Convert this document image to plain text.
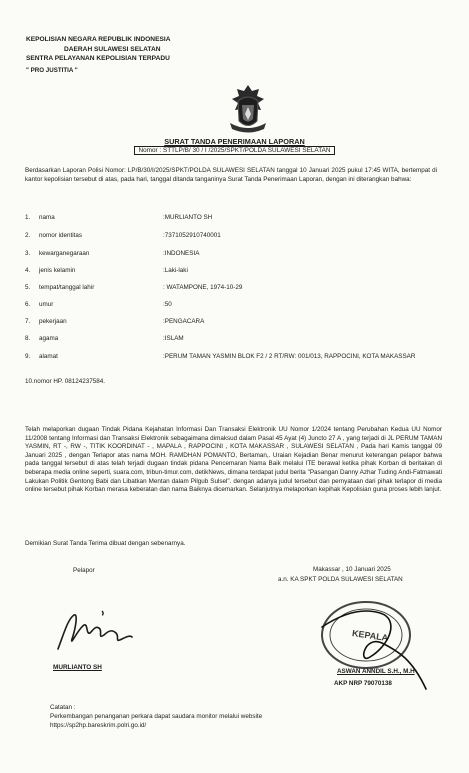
KEPOLISIAN NEGARA REPUBLIK INDONESIA
DAERAH SULAWESI SELATAN
SENTRA PELAYANAN KEPOLISIAN TERPADU
" PRO JUSTITIA "
SURAT TANDA PENERIMAAN LAPORAN
Nomor : STTLP/B/ 30 / I /2025/SPKT/POLDA SULAWESI SELATAN
Berdasarkan Laporan Polisi Nomor: LP/B/30/I/2025/SPKT/POLDA SULAWESI SELATAN tanggal 10 Januari 2025 pukul 17:45 WITA, bertempat di kantor kepolisian tersebut di atas, pada hari, tanggal ditanda tanganinya Surat Tanda Penerimaan Laporan, dengan ini diterangkan bahwa:
1.	nama	:MURLIANTO SH
2.	nomor identitas	:7371052910740001
3.	kewarganegaraan	:INDONESIA
4.	jenis kelamin	:Laki-laki
5.	tempat/tanggal lahir	: WATAMPONE, 1974-10-29
6.	umur	:50
7.	pekerjaan	:PENGACARA
8.	agama	:ISLAM
9.	alamat	:PERUM TAMAN YASMIN BLOK F2 / 2 RT/RW: 001/013, RAPPOCINI, KOTA MAKASSAR
10.nomor HP. 08124237584.
Telah melaporkan dugaan Tindak Pidana Kejahatan Informasi Dan Transaksi Elektronik UU Nomor 1/2024 tentang Perubahan Kedua UU Nomor 11/2008 tentang Informasi dan Transaksi Elektronik sebagaimana dimaksud dalam Pasal 45 Ayat (4) Juncto 27 A , yang terjadi di JL PERUM TAMAN YASMIN, RT -, RW -, TITIK KOORDINAT - , MAPALA , RAPPOCINI , KOTA MAKASSAR , SULAWESI SELATAN , Pada hari Kamis tanggal 09 Januari 2025 , dengan Terlapor atas nama MOH. RAMDHAN POMANTO, Bertaman,. Uraian Kejadian Benar menurut keterangan pelapor bahwa pada tanggal tersebut di atas telah terjadi dugaan tindak pidana Pencemaran Nama Baik melalui ITE berawal ketika pihak Korban di beritakan di beberapa media online seperti, suara.com, tribun-timur.com, detikNews, dimana terdapat judul berita "Pasangan Danny Azhar Tuding Andi-Fatmawati Lakukan Politik Gentong Babi dan Libatkan Mentan dalam Pilgub Sulsel". dengan adanya judul tersebut dan pernyataan dari pihak terlapor di media online tersebut pihak Korban merasa keberatan dan nama Baiknya dicemarkan. Selanjutnya melaporkan kepihak Kepolisian guna proses lebih lanjut.
Demikian Surat Tanda Terima dibuat dengan sebenarnya.
Pelapor	Makassar , 10 Januari 2025
a.n. KA SPKT POLDA SULAWESI SELATAN
MURLIANTO SH
KEPALA
ASWAN ANNDIL S.H., M.H
AKP NRP 79070138
Catatan :
Perkembangan penanganan perkara dapat saudara monitor melalui website
https://sp2hp.bareskrim.polri.go.id/
